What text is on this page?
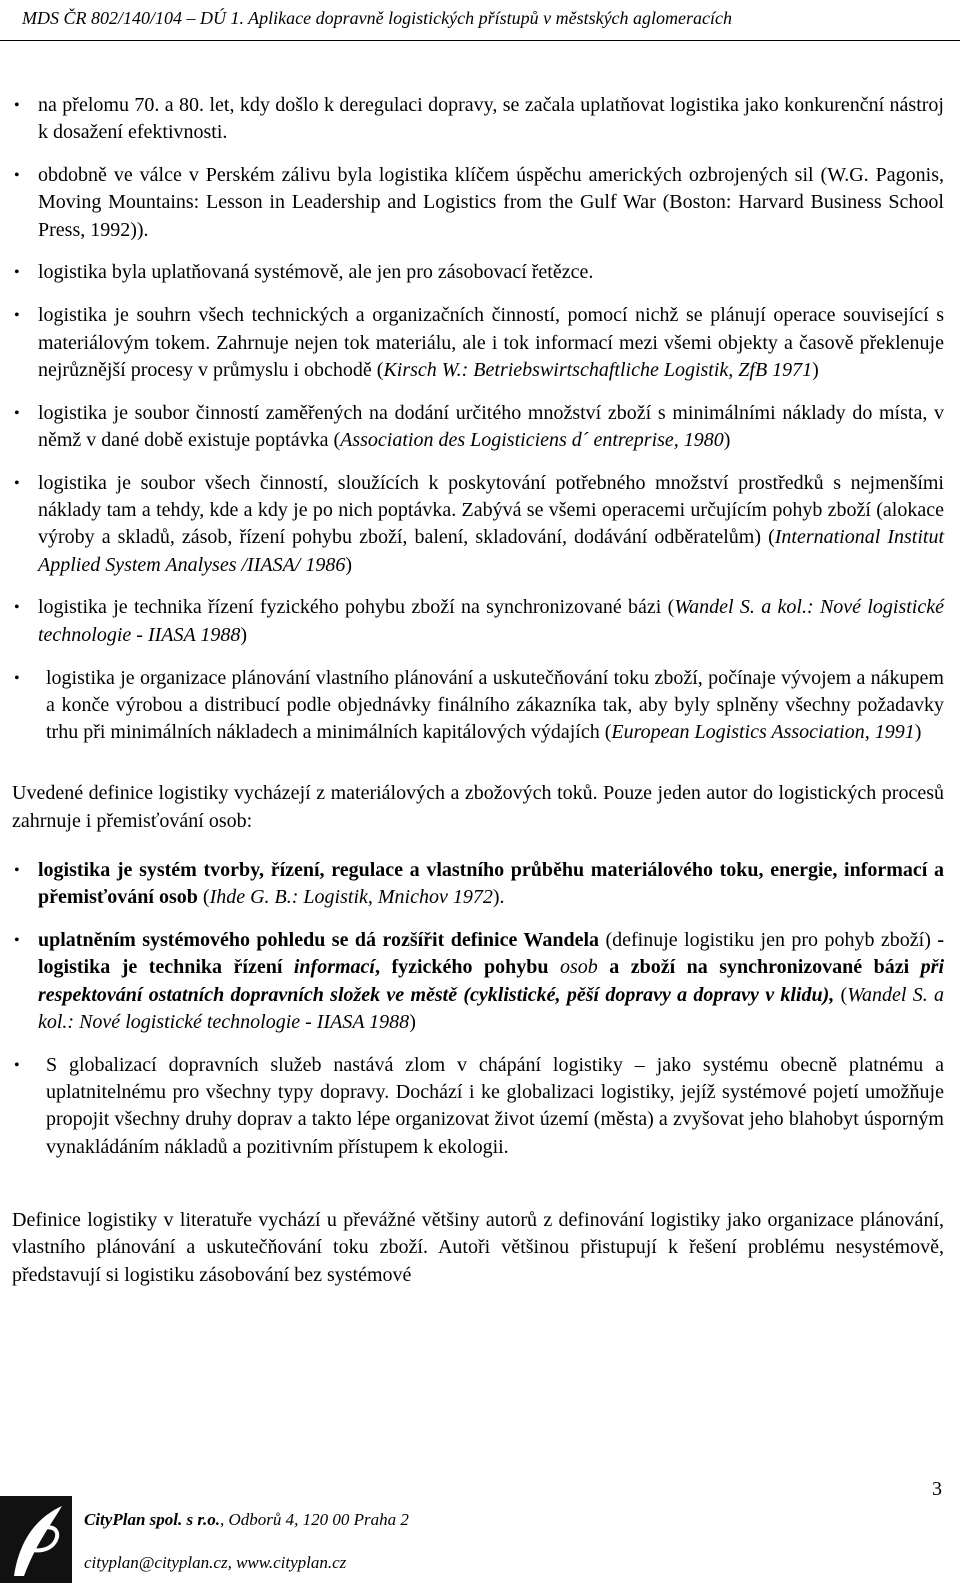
MDS ČR 802/140/104 – DÚ 1. Aplikace dopravně logistických přístupů v městských aglomeracích
• na přelomu 70. a 80. let, kdy došlo k deregulaci dopravy, se začala uplatňovat logistika jako konkurenční nástroj k dosažení efektivnosti.
• obdobně ve válce v Perském zálivu byla logistika klíčem úspěchu amerických ozbrojených sil (W.G. Pagonis, Moving Mountains: Lesson in Leadership and Logistics from the Gulf War (Boston: Harvard Business School Press, 1992)).
• logistika byla uplatňovaná systémově, ale jen pro zásobovací řetězce.
• logistika je souhrn všech technických a organizačních činností, pomocí nichž se plánují operace související s materiálovým tokem. Zahrnuje nejen tok materiálu, ale i tok informací mezi všemi objekty a časově překlenuje nejrůznější procesy v průmyslu i obchodě (Kirsch W.: Betriebswirtschaftliche Logistik, ZfB 1971)
• logistika je soubor činností zaměřených na dodání určitého množství zboží s minimálními náklady do místa, v němž v dané době existuje poptávka (Association des Logisticiens d´ entreprise, 1980)
• logistika je soubor všech činností, sloužících k poskytování potřebného množství prostředků s nejmenšími náklady tam a tehdy, kde a kdy je po nich poptávka. Zabývá se všemi operacemi určujícím pohyb zboží (alokace výroby a skladů, zásob, řízení pohybu zboží, balení, skladování, dodávání odběratelům) (International Institut Applied System Analyses /IIASA/ 1986)
• logistika je technika řízení fyzického pohybu zboží na synchronizované bázi (Wandel S. a kol.: Nové logistické technologie - IIASA 1988)
• logistika je organizace plánování vlastního plánování a uskutečňování toku zboží, počínaje vývojem a nákupem a konče výrobou a distribucí podle objednávky finálního zákazníka tak, aby byly splněny všechny požadavky trhu při minimálních nákladech a minimálních kapitálových výdajích (European Logistics Association, 1991)
Uvedené definice logistiky vycházejí z materiálových a zbožových toků. Pouze jeden autor do logistických procesů zahrnuje i přemisťování osob:
• logistika je systém tvorby, řízení, regulace a vlastního průběhu materiálového toku, energie, informací a přemisťování osob (Ihde G. B.: Logistik, Mnichov 1972).
• uplatněním systémového pohledu se dá rozšířit definice Wandela (definuje logistiku jen pro pohyb zboží) - logistika je technika řízení informací, fyzického pohybu osob a zboží na synchronizované bázi při respektování ostatních dopravních složek ve městě (cyklistické, pěší dopravy a dopravy v klidu), (Wandel S. a kol.: Nové logistické technologie - IIASA 1988)
• S globalizací dopravních služeb nastává zlom v chápání logistiky – jako systému obecně platnému a uplatnitelnému pro všechny typy dopravy. Dochází i ke globalizaci logistiky, jejíž systémové pojetí umožňuje propojit všechny druhy doprav a takto lépe organizovat život území (města) a zvyšovat jeho blahobyt úsporným vynakládáním nákladů a pozitivním přístupem k ekologii.
Definice logistiky v literatuře vychází u převážné většiny autorů z definování logistiky jako organizace plánování, vlastního plánování a uskutečňování toku zboží. Autoři většinou přistupují k řešení problému nesystémově, představují si logistiku zásobování bez systémové
3
CityPlan spol. s r.o., Odborů 4, 120 00 Praha 2
cityplan@cityplan.cz, www.cityplan.cz
